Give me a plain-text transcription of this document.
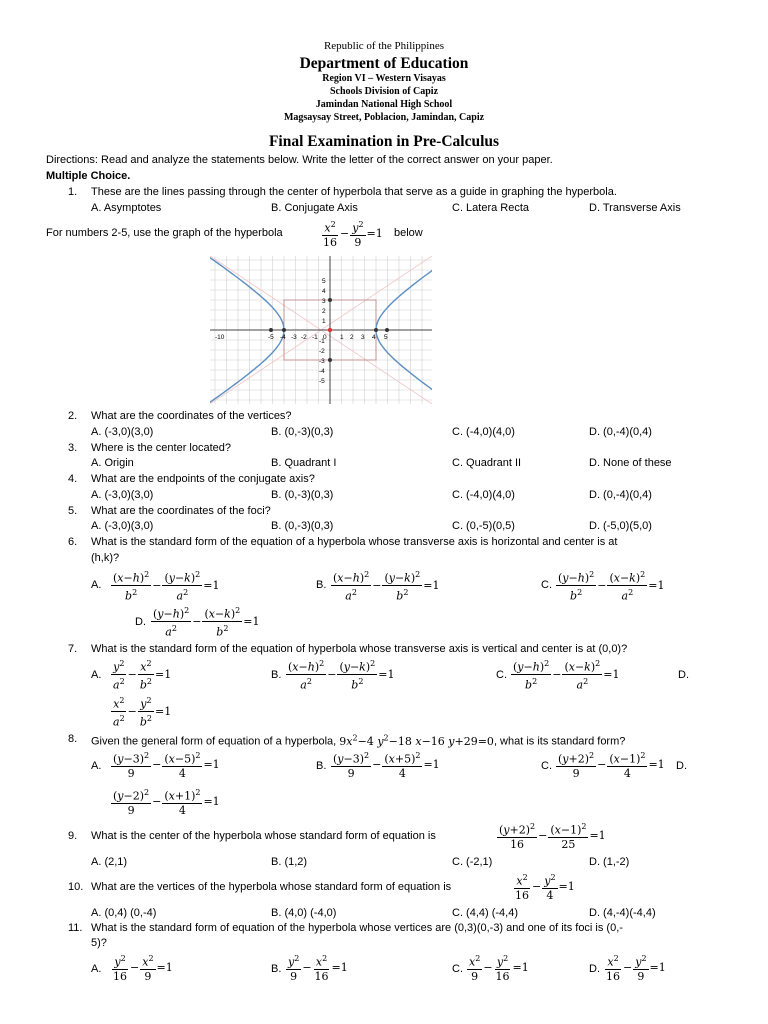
Republic of the Philippines
Department of Education
Region VI – Western Visayas
Schools Division of Capiz
Jamindan National High School
Magsaysay Street, Poblacion, Jamindan, Capiz
Final Examination in Pre-Calculus
Directions: Read and analyze the statements below. Write the letter of the correct answer on your paper.
Multiple Choice.
1. These are the lines passing through the center of hyperbola that serve as a guide in graphing the hyperbola.
A. Asymptotes	B. Conjugate Axis	C. Latera Recta	D. Transverse Axis
For numbers 2-5, use the graph of the hyperbola	$\frac{x^2}{16} - \frac{y^2}{9} =1$ below
-10	-5 -4 -3 -2 -1 0 1 2 3 4 5
5
4
3
2
1
-1
-2
-3
-4
-5
2. What are the coordinates of the vertices?
A. (-3,0)(3,0)	B. (0,-3)(0,3)	C. (-4,0)(4,0)	D. (0,-4)(0,4)
3. Where is the center located?
A. Origin	B. Quadrant I	C. Quadrant II	D. None of these
4. What are the endpoints of the conjugate axis?
A. (-3,0)(3,0)	B. (0,-3)(0,3)	C. (-4,0)(4,0)	D. (0,-4)(0,4)
5. What are the coordinates of the foci?
A. (-3,0)(3,0)	B. (0,-3)(0,3)	C. (0,-5)(0,5)	D. (-5,0)(5,0)
6. What is the standard form of the equation of a hyperbola whose transverse axis is horizontal and center is at
(h,k)?
A. $\frac{(x-h)^2}{b^2} - \frac{(y-k)^2}{a^2} =1$	B. $\frac{(x-h)^2}{a^2} - \frac{(y-k)^2}{b^2} =1$	C. $\frac{(y-h)^2}{b^2} - \frac{(x-k)^2}{a^2} =1$
D. $\frac{(y-h)^2}{a^2} - \frac{(x-k)^2}{b^2} =1$
7. What is the standard form of the equation of hyperbola whose transverse axis is vertical and center is at (0,0)?
A. $\frac{y^2}{a^2} - \frac{x^2}{b^2} =1$	B. $\frac{(x-h)^2}{a^2} - \frac{(y-k)^2}{b^2} =1$	C. $\frac{(y-h)^2}{b^2} - \frac{(x-k)^2}{a^2} =1$	D.
$\frac{x^2}{a^2} - \frac{y^2}{b^2} =1$
8. Given the general form of equation of a hyperbola, $9x^2-4$ $y^2-18$ x−16 y+29=0, what is its standard form?
A. $\frac{(y-3)^2}{9} - \frac{(x-5)^2}{4} =1$	B. $\frac{(y-3)^2}{9} - \frac{(x+5)^2}{4} =1$	C. $\frac{(y+2)^2}{9} - \frac{(x-1)^2}{4} =1$ D.
$\frac{(y-2)^2}{9} - \frac{(x+1)^2}{4} =1$
9. What is the center of the hyperbola whose standard form of equation is	$\frac{(y+2)^2}{16} - \frac{(x-1)^2}{25} =1$
A. (2,1)	B. (1,2)	C. (-2,1)	D. (1,-2)
10. What are the vertices of the hyperbola whose standard form of equation is	$\frac{x^2}{16} - \frac{y^2}{4} =1$
A. (0,4) (0,-4)	B. (4,0) (-4,0)	C. (4,4) (-4,4)	D. (4,-4)(-4,4)
11. What is the standard form of equation of the hyperbola whose vertices are (0,3)(0,-3) and one of its foci is (0,-
5)?
A. $\frac{y^2}{16} - \frac{x^2}{9} =1$	B. $\frac{y^2}{9} - \frac{x^2}{16} =1$	C. $\frac{x^2}{9} - \frac{y^2}{16} =1$	D. $\frac{x^2}{16} - \frac{y^2}{9} =1$
